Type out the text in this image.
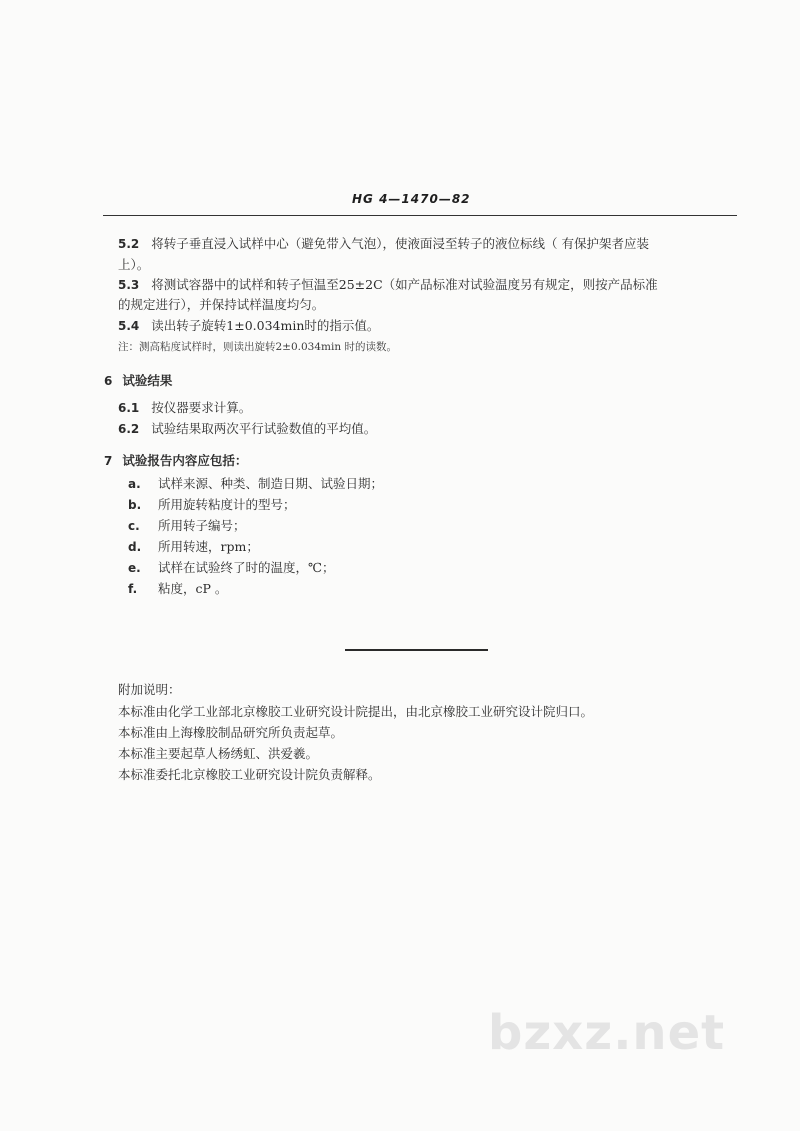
HG 4—1470—82
5.2 将转子垂直浸入试样中心（避免带入气泡），使液面浸至转子的液位标线（ 有保护架者应装
上）。
5.3 将测试容器中的试样和转子恒温至25±2C（如产品标准对试验温度另有规定，则按产品标准
的规定进行），并保持试样温度均匀。
5.4 读出转子旋转1±0.034min时的指示值。
注：测高粘度试样时，则读出旋转2±0.034min 时的读数。
6 试验结果
6.1 按仪器要求计算。
6.2 试验结果取两次平行试验数值的平均值。
7 试验报告内容应包括：
a. 试样来源、种类、制造日期、试验日期；
b. 所用旋转粘度计的型号；
c. 所用转子编号；
d. 所用转速，rpm；
e. 试样在试验终了时的温度，℃；
f. 粘度，cP 。
附加说明：
本标准由化学工业部北京橡胶工业研究设计院提出，由北京橡胶工业研究设计院归口。
本标准由上海橡胶制品研究所负责起草。
本标准主要起草人杨绣虹、洪爱羲。
本标准委托北京橡胶工业研究设计院负责解释。
bzxz.net
